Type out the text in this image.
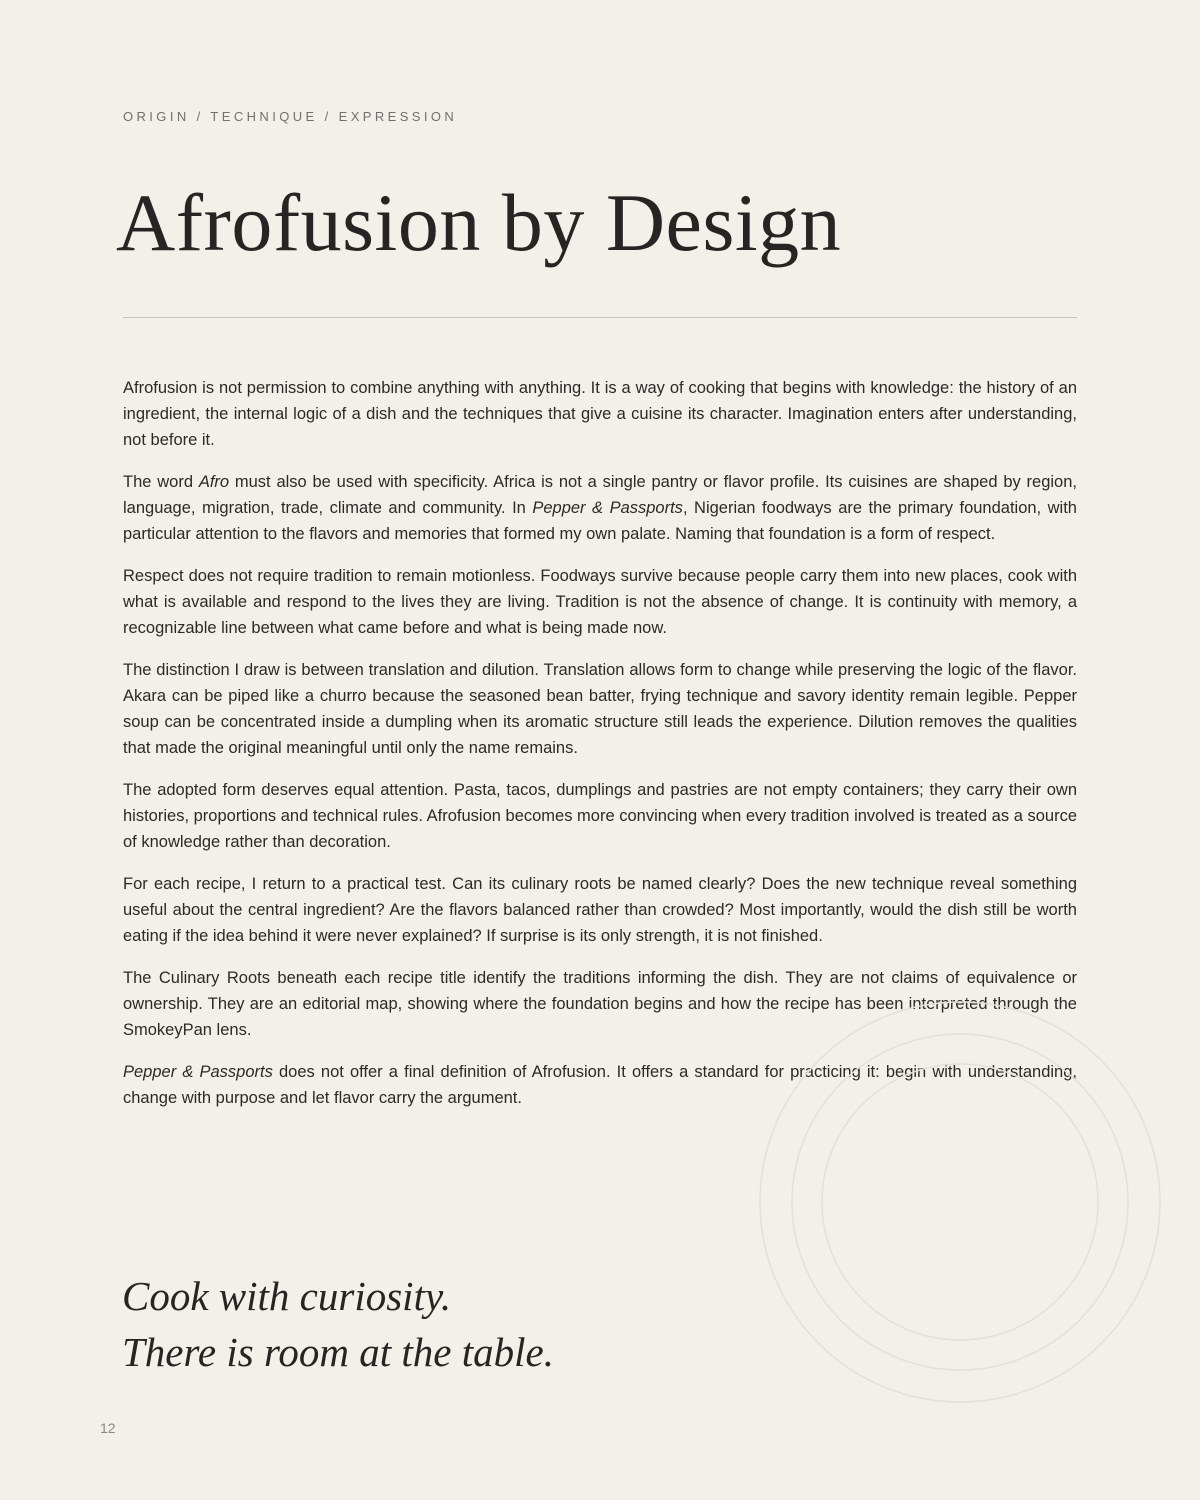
ORIGIN / TECHNIQUE / EXPRESSION
Afrofusion by Design

Afrofusion is not permission to combine anything with anything. It is a way of cooking that begins with knowledge: the history of an ingredient, the internal logic of a dish and the techniques that give a cuisine its character. Imagination enters after understanding, not before it.

The word Afro must also be used with specificity. Africa is not a single pantry or flavor profile. Its cuisines are shaped by region, language, migration, trade, climate and community. In Pepper & Passports, Nigerian foodways are the primary foundation, with particular attention to the flavors and memories that formed my own palate. Naming that foundation is a form of respect.

Respect does not require tradition to remain motionless. Foodways survive because people carry them into new places, cook with what is available and respond to the lives they are living. Tradition is not the absence of change. It is continuity with memory, a recognizable line between what came before and what is being made now.

The distinction I draw is between translation and dilution. Translation allows form to change while preserving the logic of the flavor. Akara can be piped like a churro because the seasoned bean batter, frying technique and savory identity remain legible. Pepper soup can be concentrated inside a dumpling when its aromatic structure still leads the experience. Dilution removes the qualities that made the original meaningful until only the name remains.

The adopted form deserves equal attention. Pasta, tacos, dumplings and pastries are not empty containers; they carry their own histories, proportions and technical rules. Afrofusion becomes more convincing when every tradition involved is treated as a source of knowledge rather than decoration.

For each recipe, I return to a practical test. Can its culinary roots be named clearly? Does the new technique reveal something useful about the central ingredient? Are the flavors balanced rather than crowded? Most importantly, would the dish still be worth eating if the idea behind it were never explained? If surprise is its only strength, it is not finished.

The Culinary Roots beneath each recipe title identify the traditions informing the dish. They are not claims of equivalence or ownership. They are an editorial map, showing where the foundation begins and how the recipe has been interpreted through the SmokeyPan lens.

Pepper & Passports does not offer a final definition of Afrofusion. It offers a standard for practicing it: begin with understanding, change with purpose and let flavor carry the argument.

Cook with curiosity.
There is room at the table.
12
